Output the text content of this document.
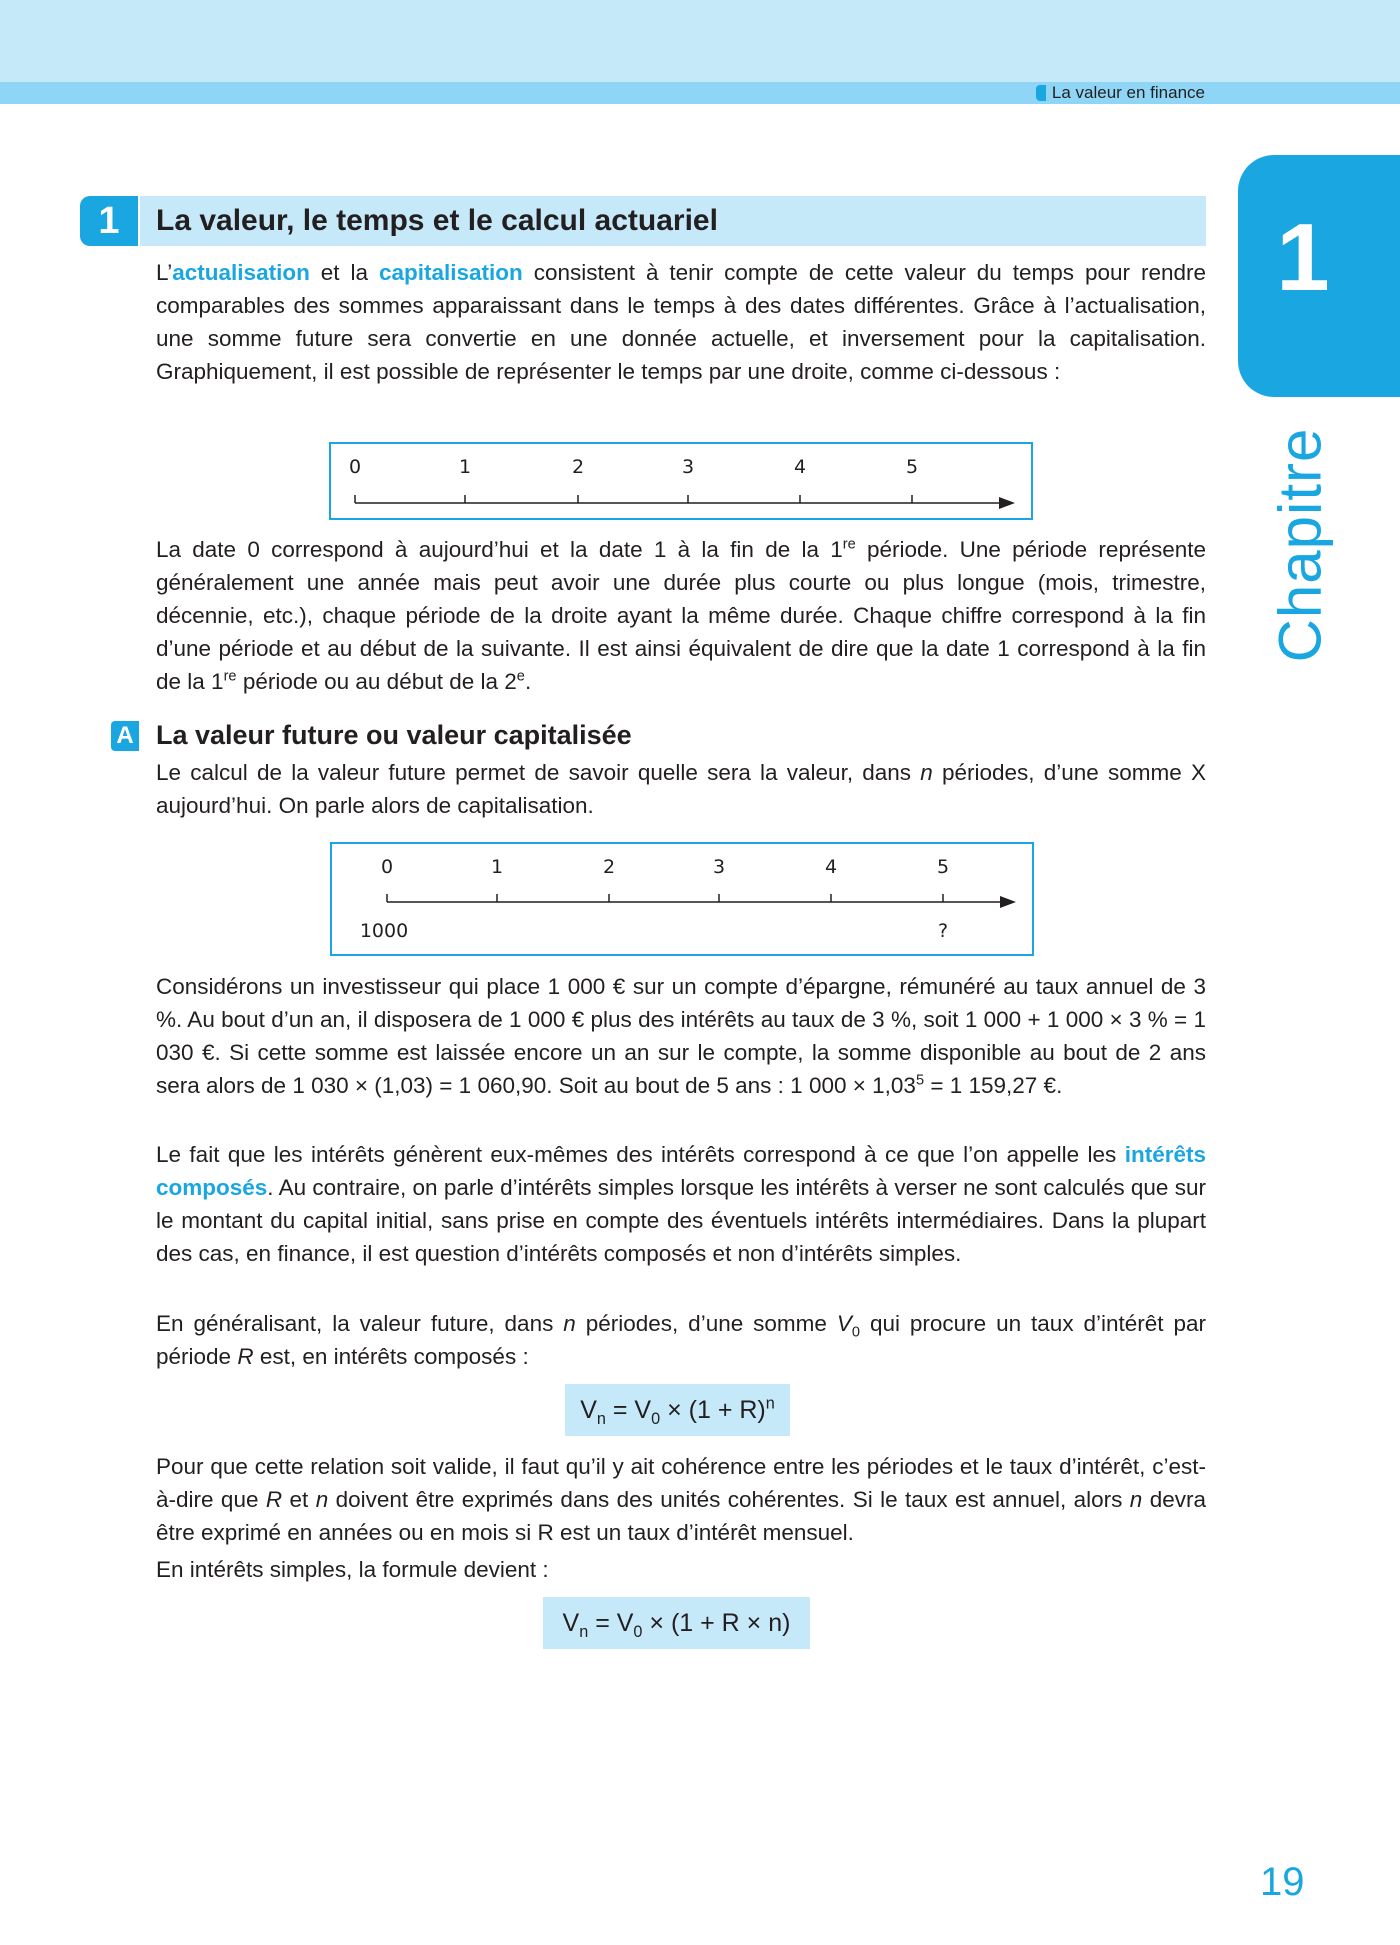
La valeur en finance
1
Chapitre
1	La valeur, le temps et le calcul actuariel

L’actualisation et la capitalisation consistent à tenir compte de cette valeur du temps pour rendre comparables des sommes apparaissant dans le temps à des dates différentes. Grâce à l’actualisation, une somme future sera convertie en une donnée actuelle, et inversement pour la capitalisation. Graphiquement, il est possible de représenter le temps par une droite, comme ci-dessous :

0	1	2	3	4	5

La date 0 correspond à aujourd’hui et la date 1 à la fin de la 1re période. Une période représente généralement une année mais peut avoir une durée plus courte ou plus longue (mois, trimestre, décennie, etc.), chaque période de la droite ayant la même durée. Chaque chiffre correspond à la fin d’une période et au début de la suivante. Il est ainsi équivalent de dire que la date 1 correspond à la fin de la 1re période ou au début de la 2e.

A La valeur future ou valeur capitalisée

Le calcul de la valeur future permet de savoir quelle sera la valeur, dans n périodes, d’une somme X aujourd’hui. On parle alors de capitalisation.

0	1	2	3	4	5
1000	?

Considérons un investisseur qui place 1 000 € sur un compte d’épargne, rémunéré au taux annuel de 3 %. Au bout d’un an, il disposera de 1 000 € plus des intérêts au taux de 3 %, soit 1 000 + 1 000 × 3 % = 1 030 €. Si cette somme est laissée encore un an sur le compte, la somme disponible au bout de 2 ans sera alors de 1 030 × (1,03) = 1 060,90. Soit au bout de 5 ans : 1 $000 \times 1,03^5 = 1$ 159,27 €.

Le fait que les intérêts génèrent eux-mêmes des intérêts correspond à ce que l’on appelle les intérêts composés. Au contraire, on parle d’intérêts simples lorsque les intérêts à verser ne sont calculés que sur le montant du capital initial, sans prise en compte des éventuels intérêts intermédiaires. Dans la plupart des cas, en finance, il est question d’intérêts composés et non d’intérêts simples.

En généralisant, la valeur future, dans n périodes, d’une somme $V_0$ qui procure un taux d’intérêt par période R est, en intérêts composés :

$V_n = V_0 \times (1 + R)^n$

Pour que cette relation soit valide, il faut qu’il y ait cohérence entre les périodes et le taux d’intérêt, c’est-à-dire que R et n doivent être exprimés dans des unités cohérentes. Si le taux est annuel, alors n devra être exprimé en années ou en mois si R est un taux d’intérêt mensuel.

En intérêts simples, la formule devient :

$V_n = V_0 \times (1 + R \times n)$
19
